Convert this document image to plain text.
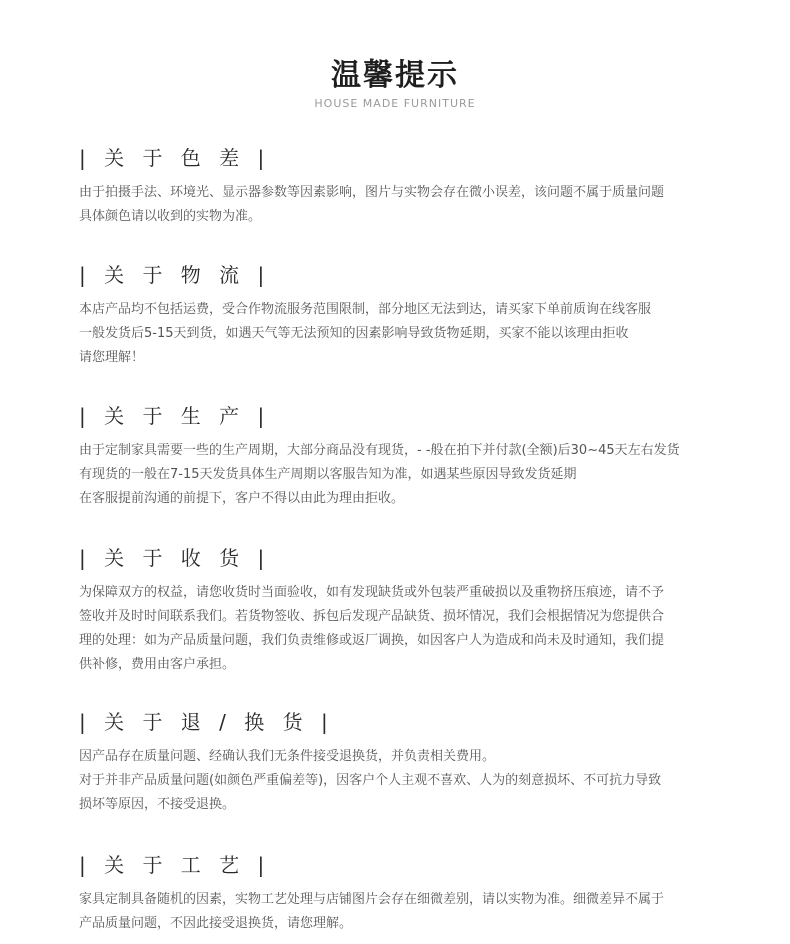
温馨提示
HOUSE MADE FURNITURE
| 关 于 色 差 |
由于拍摄手法、环境光、显示器参数等因素影响，图片与实物会存在微小误差，该问题不属于质量问题
具体颜色请以收到的实物为准。
| 关 于 物 流 |
本店产品均不包括运费，受合作物流服务范围限制，部分地区无法到达，请买家下单前质询在线客服
一般发货后5-15天到货，如遇天气等无法预知的因素影响导致货物延期，买家不能以该理由拒收
请您理解！
| 关 于 生 产 |
由于定制家具需要一些的生产周期，大部分商品没有现货，- -般在拍下并付款(全额)后30~45天左右发货
有现货的一般在7-15天发货具体生产周期以客服告知为准，如遇某些原因导致发货延期
在客服提前沟通的前提下，客户不得以由此为理由拒收。
| 关 于 收 货 |
为保障双方的权益，请您收货时当面验收，如有发现缺货或外包装严重破损以及重物挤压痕迹，请不予
签收并及时时间联系我们。若货物签收、拆包后发现产品缺货、损坏情况，我们会根据情况为您提供合
理的处理：如为产品质量问题，我们负责维修或返厂调换，如因客户人为造成和尚未及时通知，我们提
供补修，费用由客户承担。
| 关 于 退 / 换 货 |
因产品存在质量问题、经确认我们无条件接受退换货，并负责相关费用。
对于并非产品质量问题(如颜色严重偏差等)，因客户个人主观不喜欢、人为的刻意损坏、不可抗力导致
损坏等原因，不接受退换。
| 关 于 工 艺 |
家具定制具备随机的因素，实物工艺处理与店铺图片会存在细微差别，请以实物为准。细微差异不属于
产品质量问题，不因此接受退换货，请您理解。
